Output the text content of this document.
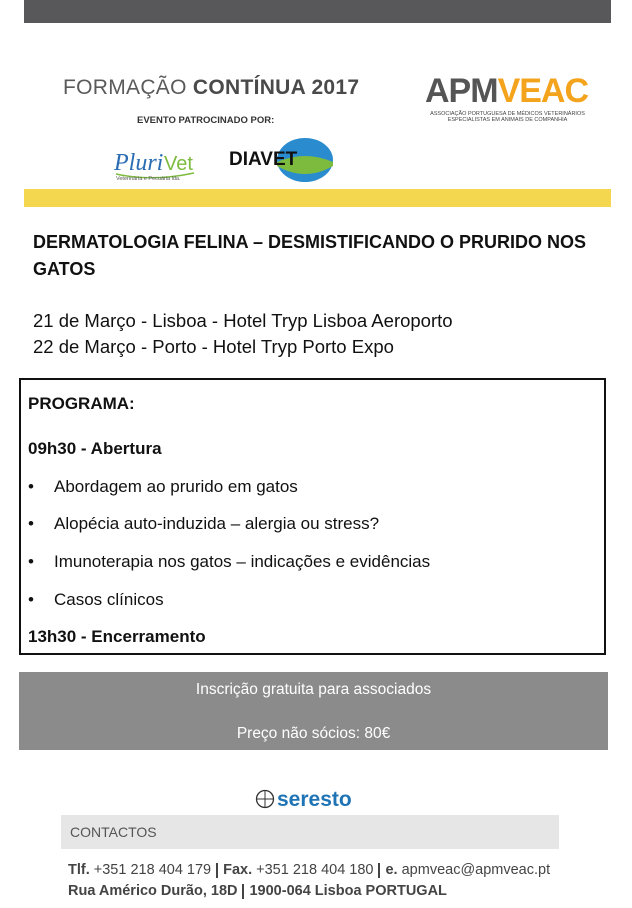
FORMAÇÃO CONTÍNUA 2017
EVENTO PATROCINADO POR:
APMVEAC
ASSOCIAÇÃO PORTUGUESA DE MÉDICOS VETERINÁRIOS
ESPECIALISTAS EM ANIMAIS DE COMPANHIA
Pluri Vet
Veterinária e Pecuária lda.
DIAVET
DERMATOLOGIA FELINA – DESMISTIFICANDO O PRURIDO NOS GATOS
21 de Março - Lisboa - Hotel Tryp Lisboa Aeroporto
22 de Março - Porto - Hotel Tryp Porto Expo
PROGRAMA:
09h30 - Abertura
• Abordagem ao prurido em gatos
• Alopécia auto-induzida – alergia ou stress?
• Imunoterapia nos gatos – indicações e evidências
• Casos clínicos
13h30 - Encerramento
Inscrição gratuita para associados
Preço não sócios: 80€
seresto
CONTACTOS
Tlf. +351 218 404 179 Fax. +351 218 404 180 e. apmveac@apmveac.pt
Rua Américo Durão, 18D 1900-064 Lisboa PORTUGAL
